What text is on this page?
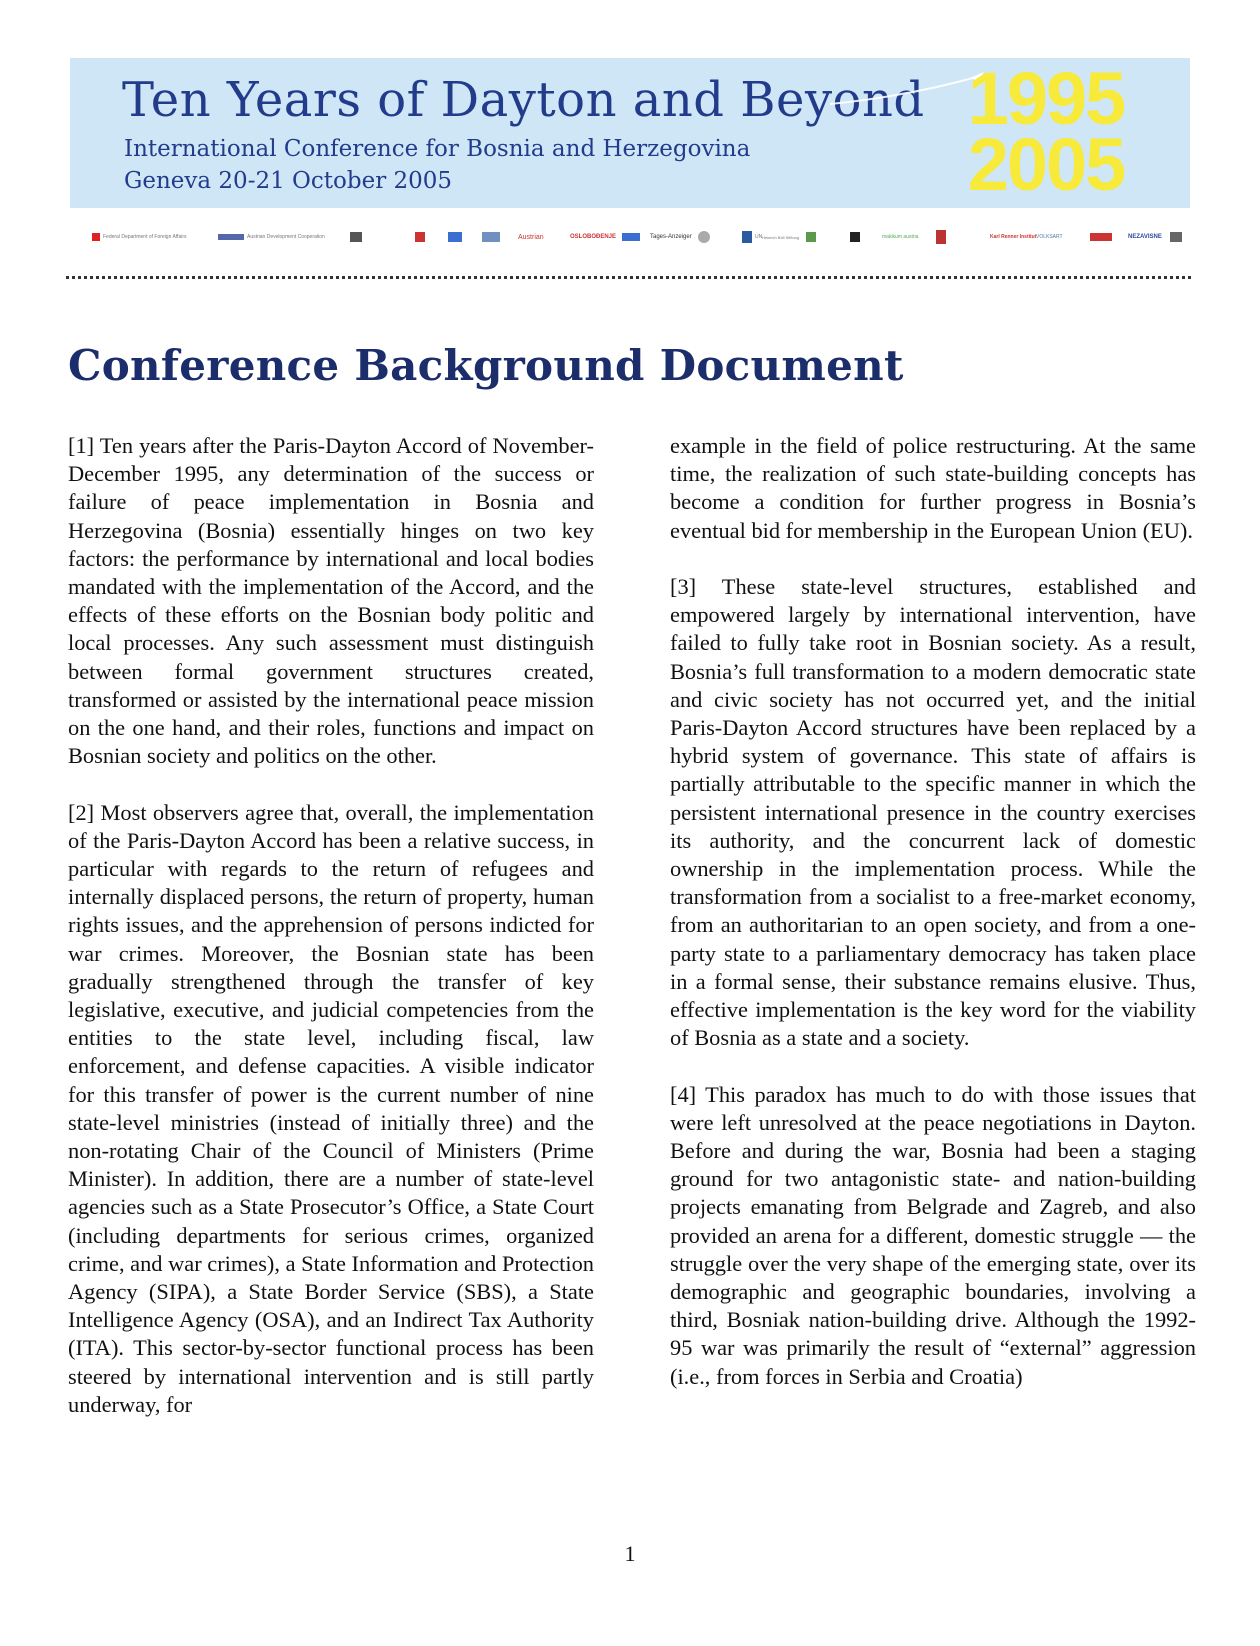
Ten Years of Dayton and Beyond
International Conference for Bosnia and Herzegovina
Geneva 20-21 October 2005
1995
2005
Federal Department of Foreign Affairs	Austrian Development Cooperation	Austrian	OSLOBOĐENJE	Tages-Anzeiger	UN Heinrich Böll Stiftung	makikum austria	Karl Renner Institut VOLKSART	NEZAVISNE
Conference Background Document

[1] Ten years after the Paris-Dayton Accord of November-December 1995, any determination of the success or failure of peace implementation in Bosnia and Herzegovina (Bosnia) essentially hinges on two key factors: the performance by international and local bodies mandated with the implementation of the Accord, and the effects of these efforts on the Bosnian body politic and local processes. Any such assessment must distinguish between formal government structures created, transformed or assisted by the international peace mission on the one hand, and their roles, functions and impact on Bosnian society and politics on the other.

[2] Most observers agree that, overall, the implementation of the Paris-Dayton Accord has been a relative success, in particular with regards to the return of refugees and internally displaced persons, the return of property, human rights issues, and the apprehension of persons indicted for war crimes. Moreover, the Bosnian state has been gradually strengthened through the transfer of key legislative, executive, and judicial competencies from the entities to the state level, including fiscal, law enforcement, and defense capacities. A visible indicator for this transfer of power is the current number of nine state-level ministries (instead of initially three) and the non-rotating Chair of the Council of Ministers (Prime Minister). In addition, there are a number of state-level agencies such as a State Prosecutor’s Office, a State Court (including departments for serious crimes, organized crime, and war crimes), a State Information and Protection Agency (SIPA), a State Border Service (SBS), a State Intelligence Agency (OSA), and an Indirect Tax Authority (ITA). This sector-by-sector functional process has been steered by international intervention and is still partly underway, for

example in the field of police restructuring. At the same time, the realization of such state-building concepts has become a condition for further progress in Bosnia’s eventual bid for membership in the European Union (EU).

[3] These state-level structures, established and empowered largely by international intervention, have failed to fully take root in Bosnian society. As a result, Bosnia’s full transformation to a modern democratic state and civic society has not occurred yet, and the initial Paris-Dayton Accord structures have been replaced by a hybrid system of governance. This state of affairs is partially attributable to the specific manner in which the persistent international presence in the country exercises its authority, and the concurrent lack of domestic ownership in the implementation process. While the transformation from a socialist to a free-market economy, from an authoritarian to an open society, and from a one-party state to a parliamentary democracy has taken place in a formal sense, their substance remains elusive. Thus, effective implementation is the key word for the viability of Bosnia as a state and a society.

[4] This paradox has much to do with those issues that were left unresolved at the peace negotiations in Dayton. Before and during the war, Bosnia had been a staging ground for two antagonistic state- and nation-building projects emanating from Belgrade and Zagreb, and also provided an arena for a different, domestic struggle — the struggle over the very shape of the emerging state, over its demographic and geographic boundaries, involving a third, Bosniak nation-building drive. Although the 1992-95 war was primarily the result of “external” aggression (i.e., from forces in Serbia and Croatia)

1
